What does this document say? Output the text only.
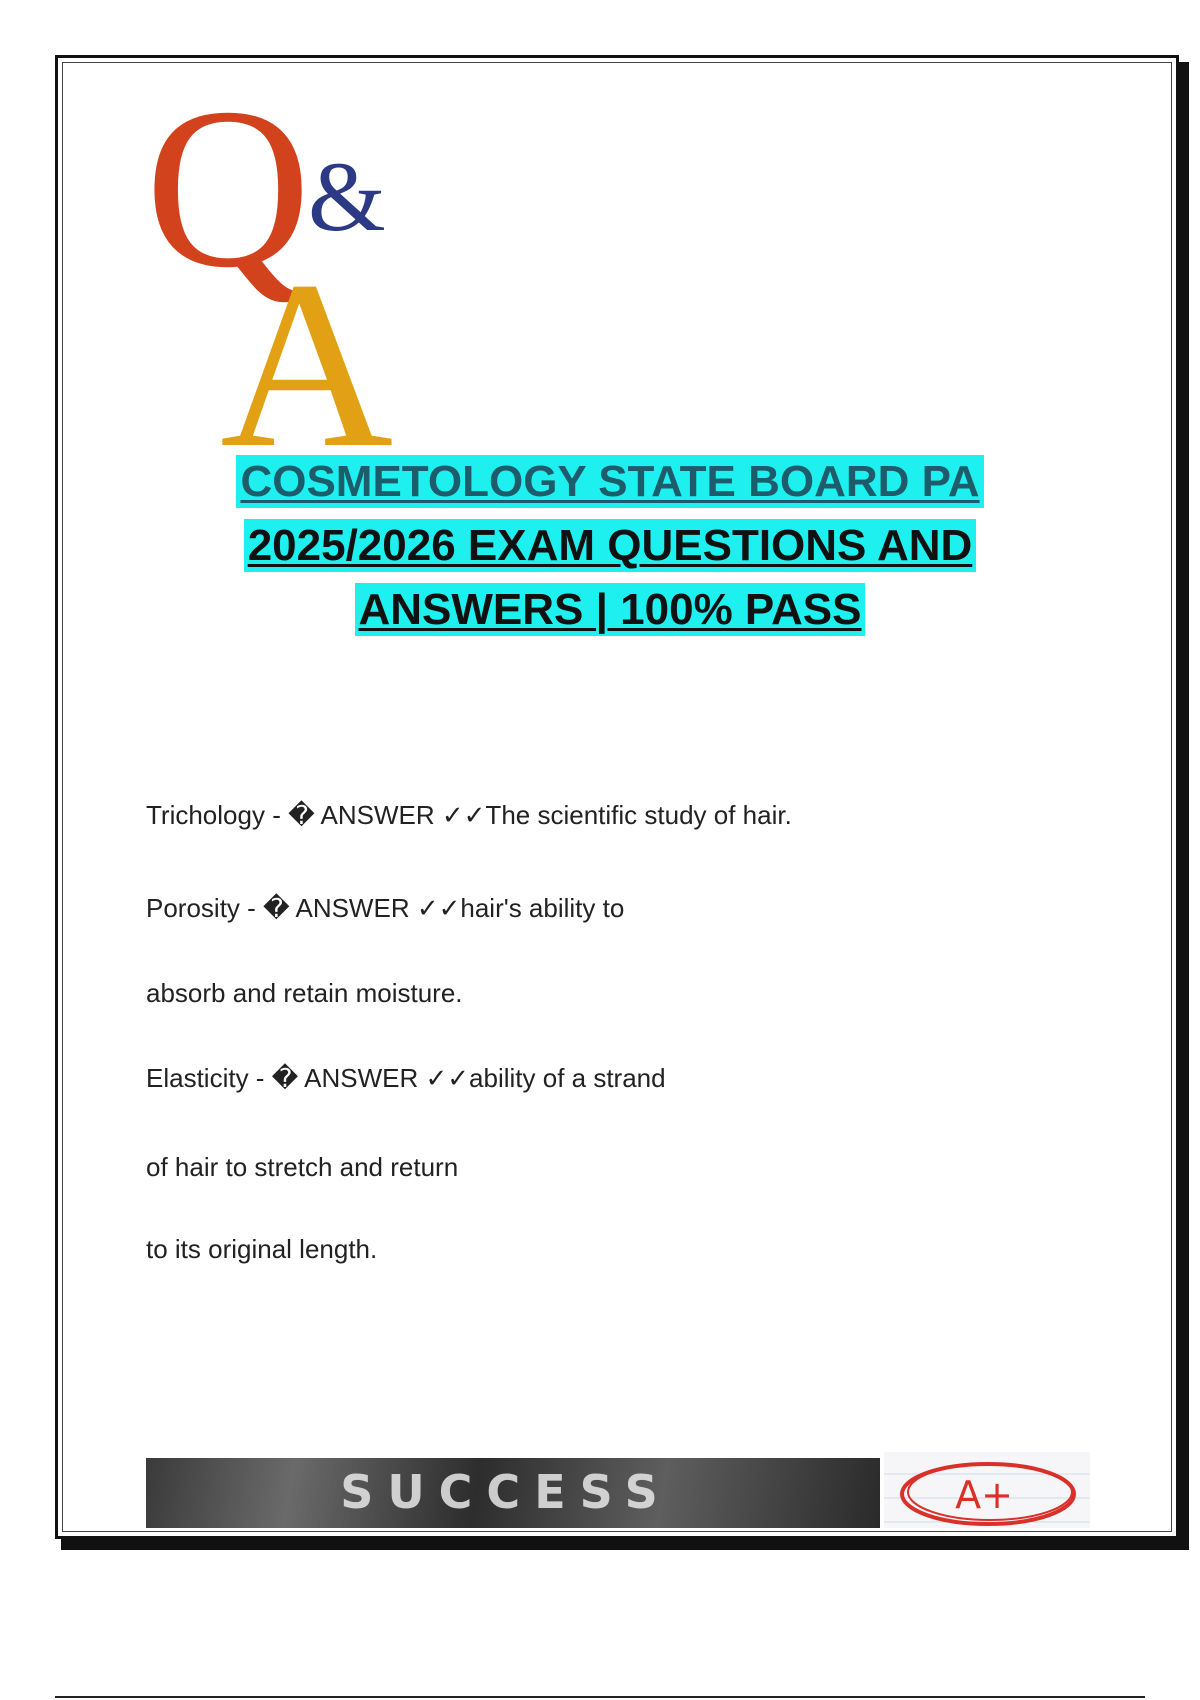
Q
&
A
COSMETOLOGY STATE BOARD PA
2025/2026 EXAM QUESTIONS AND
ANSWERS | 100% PASS
Trichology - � ANSWER ✓✓The scientific study of hair.
Porosity - � ANSWER ✓✓hair's ability to
absorb and retain moisture.
Elasticity - � ANSWER ✓✓ability of a strand
of hair to stretch and return
to its original length.
SUCCESS	A+
